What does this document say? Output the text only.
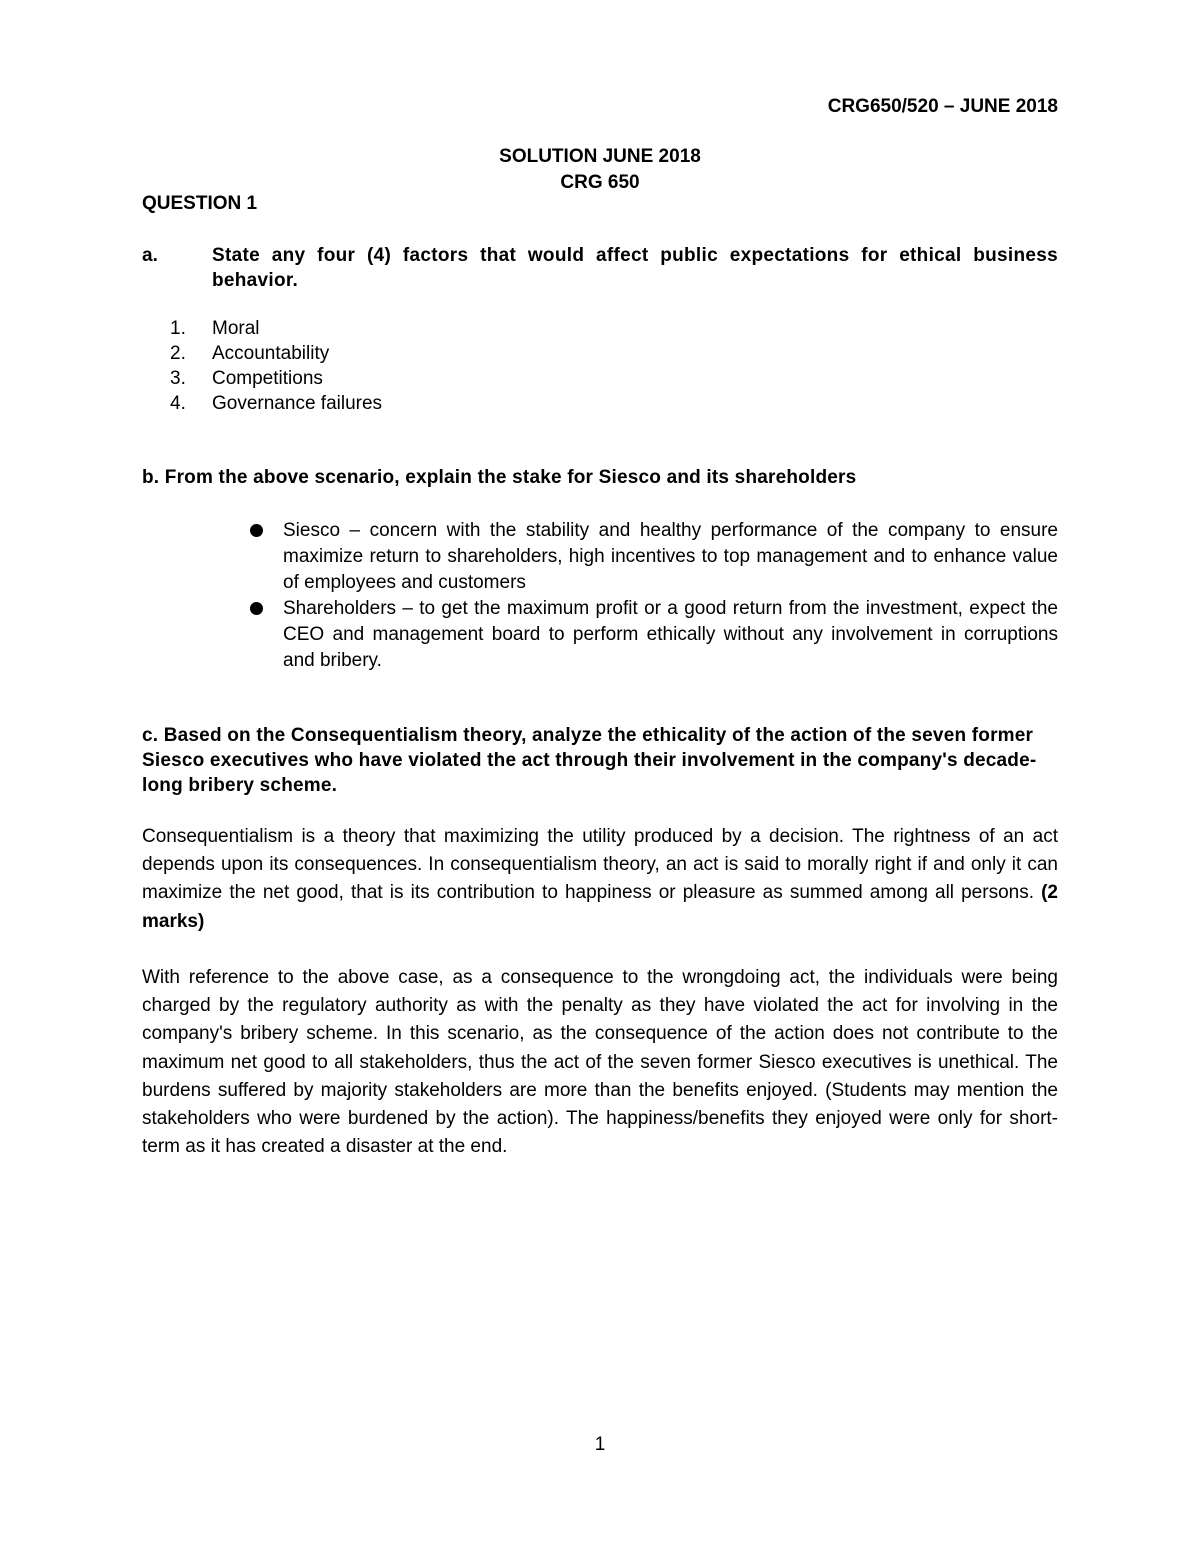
CRG650/520 – JUNE 2018
SOLUTION JUNE 2018
CRG 650
QUESTION 1
a.	State any four (4) factors that would affect public expectations for ethical business behavior.
1.	Moral
2.	Accountability
3.	Competitions
4.	Governance failures
b. From the above scenario, explain the stake for Siesco and its shareholders
Siesco – concern with the stability and healthy performance of the company to ensure maximize return to shareholders, high incentives to top management and to enhance value of employees and customers
Shareholders – to get the maximum profit or a good return from the investment, expect the CEO and management board to perform ethically without any involvement in corruptions and bribery.
c. Based on the Consequentialism theory, analyze the ethicality of the action of the seven former Siesco executives who have violated the act through their involvement in the company's decade-long bribery scheme.
Consequentialism is a theory that maximizing the utility produced by a decision. The rightness of an act depends upon its consequences. In consequentialism theory, an act is said to morally right if and only it can maximize the net good, that is its contribution to happiness or pleasure as summed among all persons. (2 marks)
With reference to the above case, as a consequence to the wrongdoing act, the individuals were being charged by the regulatory authority as with the penalty as they have violated the act for involving in the company's bribery scheme. In this scenario, as the consequence of the action does not contribute to the maximum net good to all stakeholders, thus the act of the seven former Siesco executives is unethical. The burdens suffered by majority stakeholders are more than the benefits enjoyed. (Students may mention the stakeholders who were burdened by the action). The happiness/benefits they enjoyed were only for short-term as it has created a disaster at the end.
1
